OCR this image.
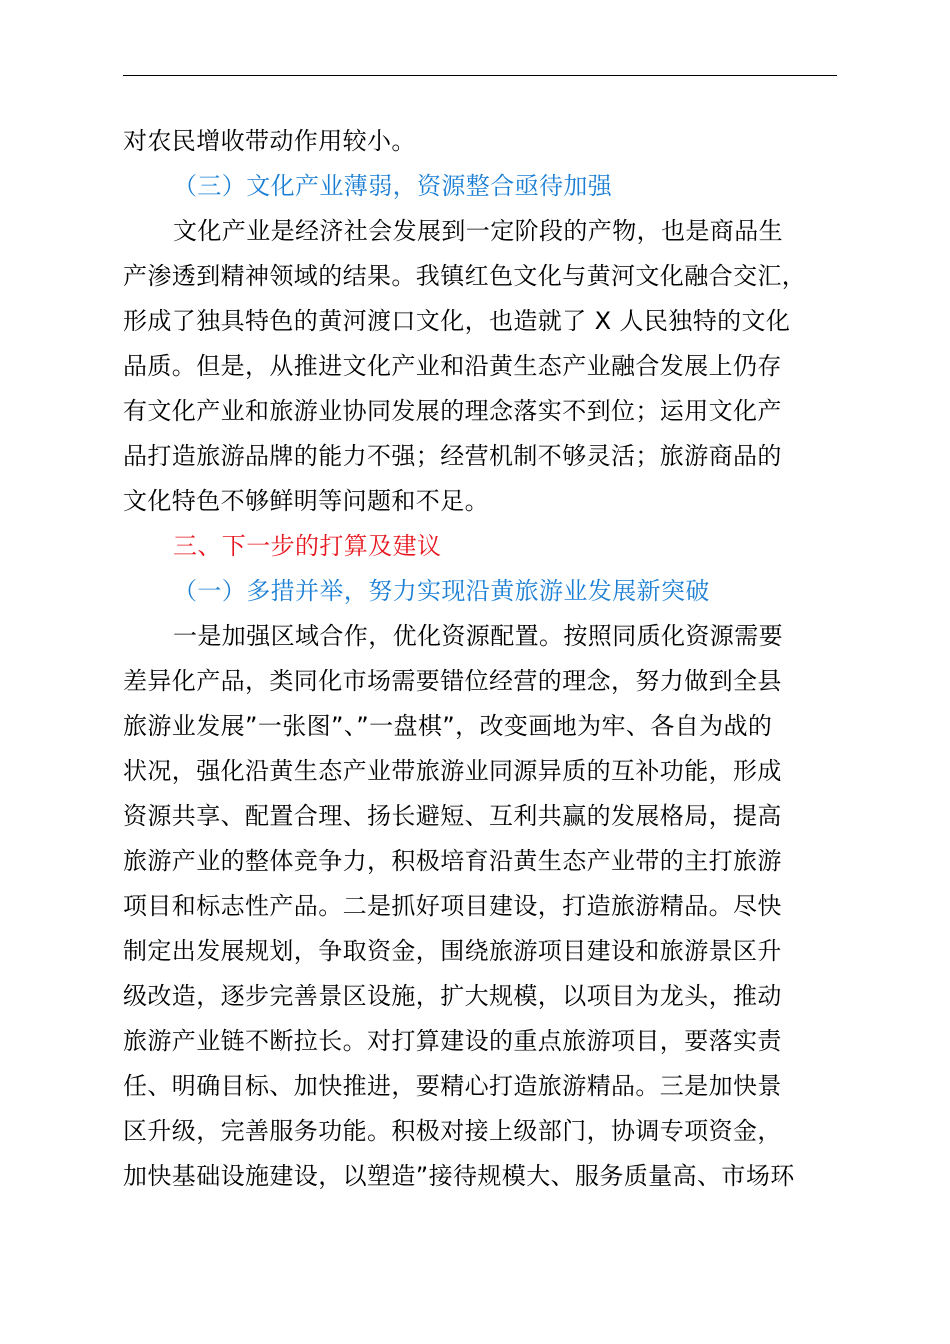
对农民增收带动作用较小。
（三）文化产业薄弱，资源整合亟待加强
文化产业是经济社会发展到一定阶段的产物，也是商品生
产渗透到精神领域的结果。我镇红色文化与黄河文化融合交汇，
形成了独具特色的黄河渡口文化，也造就了 X 人民独特的文化
品质。但是，从推进文化产业和沿黄生态产业融合发展上仍存
有文化产业和旅游业协同发展的理念落实不到位；运用文化产
品打造旅游品牌的能力不强；经营机制不够灵活；旅游商品的
文化特色不够鲜明等问题和不足。
三、下一步的打算及建议
（一）多措并举，努力实现沿黄旅游业发展新突破
一是加强区域合作，优化资源配置。按照同质化资源需要
差异化产品，类同化市场需要错位经营的理念，努力做到全县
旅游业发展”一张图”、”一盘棋”，改变画地为牢、各自为战的
状况，强化沿黄生态产业带旅游业同源异质的互补功能，形成
资源共享、配置合理、扬长避短、互利共赢的发展格局，提高
旅游产业的整体竞争力，积极培育沿黄生态产业带的主打旅游
项目和标志性产品。二是抓好项目建设，打造旅游精品。尽快
制定出发展规划，争取资金，围绕旅游项目建设和旅游景区升
级改造，逐步完善景区设施，扩大规模，以项目为龙头，推动
旅游产业链不断拉长。对打算建设的重点旅游项目，要落实责
任、明确目标、加快推进，要精心打造旅游精品。三是加快景
区升级，完善服务功能。积极对接上级部门，协调专项资金，
加快基础设施建设，以塑造”接待规模大、服务质量高、市场环
